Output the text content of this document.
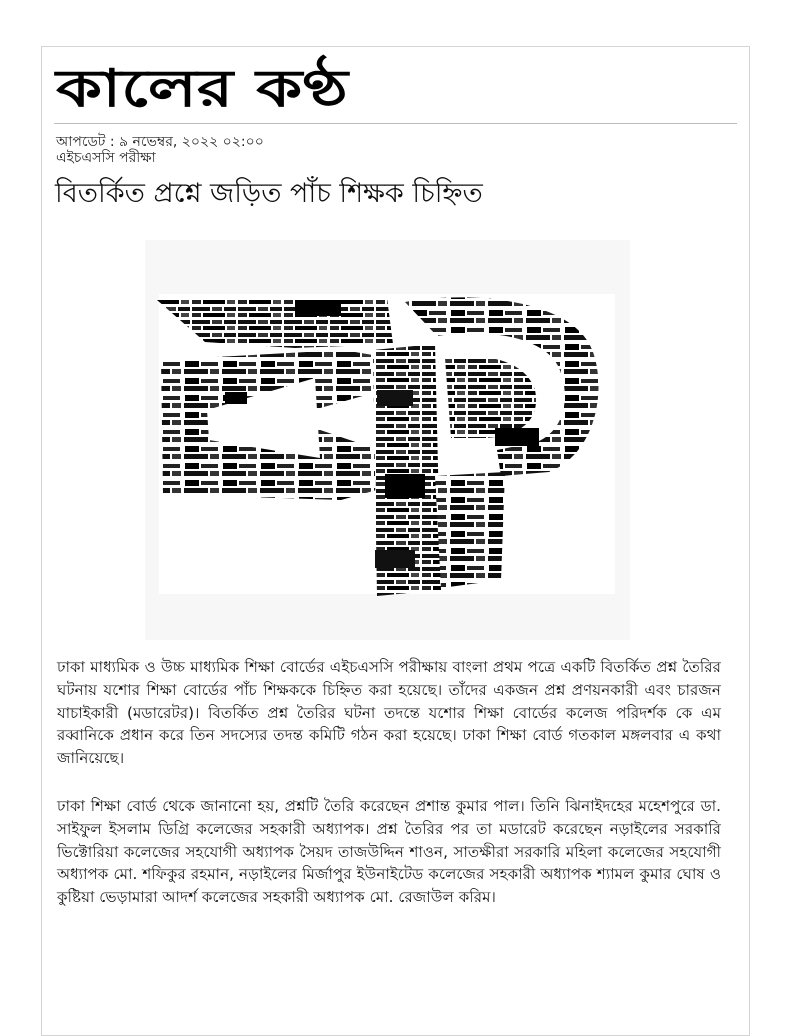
কালের কণ্ঠ
আপডেট : ৯ নভেম্বর, ২০২২ ০২:০০
এইচএসসি পরীক্ষা
বিতর্কিত প্রশ্নে জড়িত পাঁচ শিক্ষক চিহ্নিত

ঢাকা মাধ্যমিক ও উচ্চ মাধ্যমিক শিক্ষা বোর্ডের এইচএসসি পরীক্ষায় বাংলা প্রথম পত্রে একটি বিতর্কিত প্রশ্ন তৈরির ঘটনায় যশোর শিক্ষা বোর্ডের পাঁচ শিক্ষককে চিহ্নিত করা হয়েছে। তাঁদের একজন প্রশ্ন প্রণয়নকারী এবং চারজন যাচাইকারী (মডারেটর)। বিতর্কিত প্রশ্ন তৈরির ঘটনা তদন্তে যশোর শিক্ষা বোর্ডের কলেজ পরিদর্শক কে এম রব্বানিকে প্রধান করে তিন সদস্যের তদন্ত কমিটি গঠন করা হয়েছে। ঢাকা শিক্ষা বোর্ড গতকাল মঙ্গলবার এ কথা জানিয়েছে।

ঢাকা শিক্ষা বোর্ড থেকে জানানো হয়, প্রশ্নটি তৈরি করেছেন প্রশান্ত কুমার পাল। তিনি ঝিনাইদহের মহেশপুরে ডা. সাইফুল ইসলাম ডিগ্রি কলেজের সহকারী অধ্যাপক। প্রশ্ন তৈরির পর তা মডারেট করেছেন নড়াইলের সরকারি ভিক্টোরিয়া কলেজের সহযোগী অধ্যাপক সৈয়দ তাজউদ্দিন শাওন, সাতক্ষীরা সরকারি মহিলা কলেজের সহযোগী অধ্যাপক মো. শফিকুর রহমান, নড়াইলের মির্জাপুর ইউনাইটেড কলেজের সহকারী অধ্যাপক শ্যামল কুমার ঘোষ ও কুষ্টিয়া ভেড়ামারা আদর্শ কলেজের সহকারী অধ্যাপক মো. রেজাউল করিম।
